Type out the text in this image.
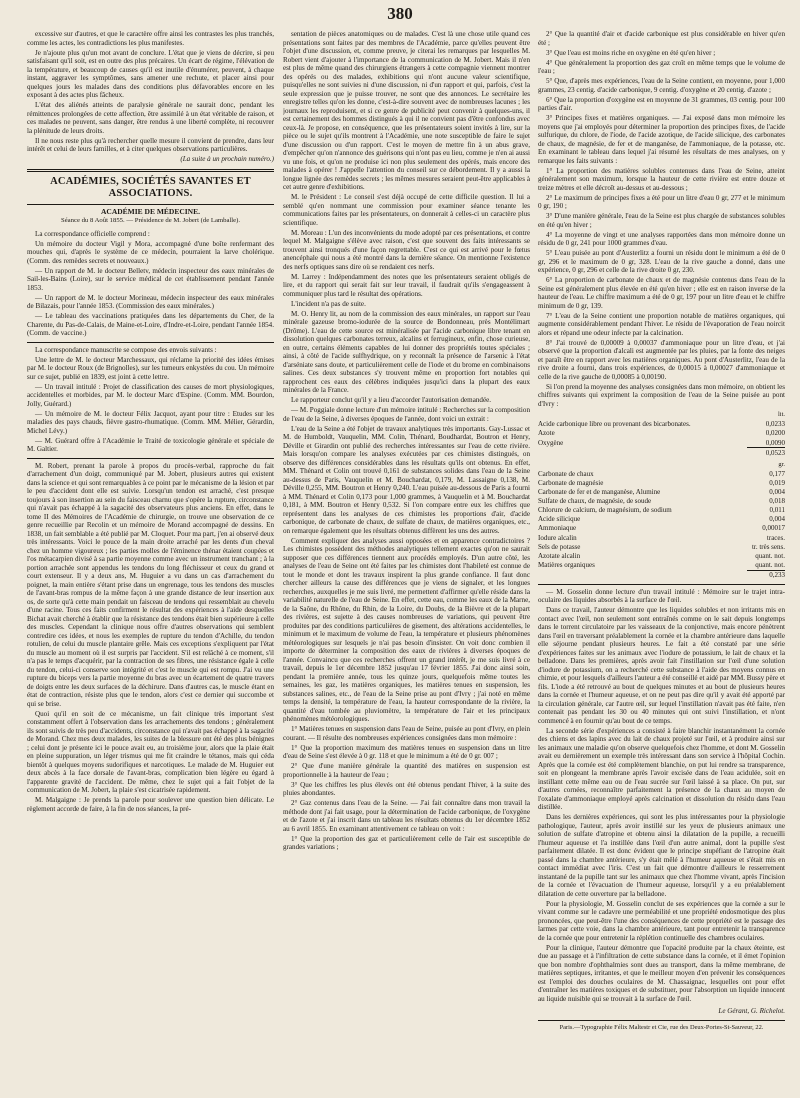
380

excessive sur d'autres, et que le caractère offre ainsi les contrastes les plus tranchés, comme les actes, les contradictions les plus manifestes.

Je n'ajoute plus qu'un mot avant de conclure. L'état que je viens de décrire, si peu satisfaisant qu'il soit, est en outre des plus précaires. Un écart de régime, l'élévation de la température, et beaucoup de causes qu'il est inutile d'énumérer, peuvent, à chaque instant, aggraver les symptômes, sans amener une rechute, et placer ainsi pour quelques jours les malades dans des conditions plus défavorables encore en les exposant à des actes plus fâcheux.

L'état des aliénés atteints de paralysie générale ne saurait donc, pendant les rémittences prolongées de cette affection, être assimilé à un état véritable de raison, et ces malades ne peuvent, sans danger, être rendus à une liberté complète, ni recouvrer la plénitude de leurs droits.

Il ne nous reste plus qu'à rechercher quelle mesure il convient de prendre, dans leur intérêt et celui de leurs familles, et à citer quelques observations particulières.

(La suite à un prochain numéro.)
ACADÉMIES, SOCIÉTÉS SAVANTES ET ASSOCIATIONS.
ACADÉMIE DE MÉDECINE.
Séance du 8 Août 1855. — Présidence de M. Jobert (de Lamballe).

La correspondance officielle comprend :

Un mémoire du docteur Vigil y Mora, accompagné d'une boîte renfermant des mouches qui, d'après le système de ce médecin, pourraient la larve cholérique. (Comm. des remèdes secrets et nouveaux.)

— Un rapport de M. le docteur Belletv, médecin inspecteur des eaux minérales de Sail-les-Bains (Loire), sur le service médical de cet établissement pendant l'année 1853.

— Un rapport de M. le docteur Morineau, médecin inspecteur des eaux minérales de Bilazais, pour l'année 1853. (Commission des eaux minérales.)

— Le tableau des vaccinations pratiquées dans les départements du Cher, de la Charente, du Pas-de-Calais, de Maine-et-Loire, d'Indre-et-Loire, pendant l'année 1854. (Comm. de vaccine.)

La correspondance manuscrite se compose des envois suivants :

Une lettre de M. le docteur Marchessaux, qui réclame la priorité des idées émises par M. le docteur Roux (de Brignolles), sur les tumeurs enkystées du cou. Un mémoire sur ce sujet, publié en 1839, est joint à cette lettre.

— Un travail intitulé : Projet de classification des causes de mort physiologiques, accidentelles et morbides, par M. le docteur Marc d'Espine. (Comm. MM. Bourdon, Jolly, Guérard.)

— Un mémoire de M. le docteur Félix Jacquot, ayant pour titre : Etudes sur les maladies des pays chauds, fièvre gastro-rhumatique. (Comm. MM. Mélier, Gérardin, Michel Lévy.)

— M. Guérard offre à l'Académie le Traité de toxicologie générale et spéciale de M. Galtier.

M. Robert, prenant la parole à propos du procès-verbal, rapproche du fait d'arrachement d'un doigt, communiqué par M. Jobert, plusieurs autres qui existent dans la science et qui sont remarquables à ce point par le mécanisme de la lésion et par le peu d'accident dont elle est suivie. Lorsqu'un tendon est arraché, c'est presque toujours à son insertion au sein du faisceau charnu que s'opère la rupture, circonstance qui n'avait pas échappé à la sagacité des observateurs plus anciens. En effet, dans le tome II des Mémoires de l'Académie de chirurgie, on trouve une observation de ce genre recueillie par Recolin et un mémoire de Morand accompagné de dessins. En 1838, un fait semblable a été publié par M. Cloquet. Pour ma part, j'en ai observé deux très intéressants. Voici le pouce de la main droite arraché par les dents d'un cheval chez un homme vigoureux ; les parties molles de l'éminence thénar étaient coupées et l'os métacarpien divisé à sa partie moyenne comme avec un instrument tranchant ; à la portion arrachée sont appendus les tendons du long fléchisseur et ceux du grand et court extenseur. Il y a deux ans, M. Huguier a vu dans un cas d'arrachement du poignet, la main entière s'étant prise dans un engrenage, tous les tendons des muscles de l'avant-bras rompus de la même façon à une grande distance de leur insertion aux os, de sorte qu'à cette main pendait un faisceau de tendons qui ressemblait au chevelu d'une racine. Tous ces faits confirment le résultat des expériences à l'aide desquelles Bichat avait cherché à établir que la résistance des tendons était bien supérieure à celle des muscles. Cependant la clinique nous offre d'autres observations qui semblent contredire ces idées, et nous les exemples de rupture du tendon d'Achille, du tendon rotulien, de celui du muscle plantaire grêle. Mais ces exceptions s'expliquent par l'état du muscle au moment où il est surpris par l'accident. S'il est relâché à ce moment, s'il n'a pas le temps d'acquérir, par la contraction de ses fibres, une résistance égale à celle du tendon, celui-ci conserve son intégrité et c'est le muscle qui est rompu. J'ai vu une rupture du biceps vers la partie moyenne du bras avec un écartement de quatre travers de doigts entre les deux surfaces de la déchirure. Dans d'autres cas, le muscle étant en état de contraction, résiste plus que le tendon, alors c'est ce dernier qui succombe et qui se brise.

Quoi qu'il en soit de ce mécanisme, un fait clinique très important s'est constamment offert à l'observation dans les arrachements des tendons ; généralement ils sont suivis de très peu d'accidents, circonstance qui n'avait pas échappé à la sagacité de Morand. Chez mes deux malades, les suites de la blessure ont été des plus bénignes ; celui dont je présente ici le pouce avait eu, au troisième jour, alors que la plaie était en pleine suppuration, un léger trismus qui me fit craindre le tétanos, mais qui céda bientôt à quelques moyens sudorifiques et narcotiques. Le malade de M. Huguier eut deux abcès à la face dorsale de l'avant-bras, complication bien légère eu égard à l'apparente gravité de l'accident. De même, chez le sujet qui a fait l'objet de la communication de M. Jobert, la plaie s'est cicatrisée rapidement.

M. Malgaigne : Je prends la parole pour soulever une question bien délicate. Le règlement accorde de faire, à la fin de nos séances, la pré-

sentation de pièces anatomiques ou de malades. C'est là une chose utile quand ces présentations sont faites par des membres de l'Académie, parce qu'elles peuvent être l'objet d'une discussion, et, comme preuve, je citerai les remarques par lesquelles M. Robert vient d'ajouter à l'importance de la communication de M. Jobert. Mais il n'en est plus de même quand des chirurgiens étrangers à cette compagnie viennent montrer des opérés ou des malades, exhibitions qui n'ont aucune valeur scientifique, puisqu'elles ne sont suivies ni d'une discussion, ni d'un rapport et qui, parfois, c'est la seule expression que je puisse trouver, ne sont que des annonces. Le secrétaire les enregistre telles qu'on les donne, c'est-à-dire souvent avec de nombreuses lacunes ; les journaux les reproduisent, et si ce genre de publicité peut convenir à quelques-uns, il est certainement des hommes distingués à qui il ne convient pas d'être confondus avec ceux-là. Je propose, en conséquence, que les présentateurs soient invités à lire, sur la pièce ou le sujet qu'ils montrent à l'Académie, une note susceptible de faire le sujet d'une discussion ou d'un rapport. C'est le moyen de mettre fin à un abus grave, d'empêcher qu'on n'annonce des guérisons qui n'ont pas eu lieu, comme je n'en ai aussi vu une fois, et qu'on ne produise ici non plus seulement des opérés, mais encore des malades à opérer ! J'appelle l'attention du conseil sur ce débordement. Il y a aussi la longue lignée des remèdes secrets ; les mêmes mesures seraient peut-être applicables à cet autre genre d'exhibitions.

M. le Président : Le conseil s'est déjà occupé de cette difficile question. Il lui a semblé qu'en nommant une commission pour examiner séance tenante les communications faites par les présentateurs, on donnerait à celles-ci un caractère plus scientifique.

M. Moreau : L'un des inconvénients du mode adopté par ces présentations, et contre lequel M. Malgaigne s'élève avec raison, c'est que souvent des faits intéressants se trouvent ainsi tronqués d'une façon regrettable. C'est ce qui est arrivé pour le fœtus anencéphale qui nous a été montré dans la dernière séance. On mentionne l'existence des nerfs optiques sans dire où se rendaient ces nerfs.

M. Larrey : Indépendamment des notes que les présentateurs seraient obligés de lire, et du rapport qui serait fait sur leur travail, il faudrait qu'ils s'engageassent à communiquer plus tard le résultat des opérations.

L'incident n'a pas de suite.

M. O. Henry lit, au nom de la commission des eaux minérales, un rapport sur l'eau minérale gazeuse bromo-iodurée de la source de Bondonneau, près Montélimart (Drôme). L'eau de cette source est minéralisée par l'acide carbonique libre tenant en dissolution quelques carbonates terreux, alcalins et ferrugineux, enfin, chose curieuse, en outre, certains éléments capables de lui donner des propriétés toutes spéciales ; ainsi, à côté de l'acide sulfhydrique, on y reconnaît la présence de l'arsenic à l'état d'arséniate sans doute, et particulièrement celle de l'iode et du brome en combinaisons salines. Ces deux substances s'y trouvent même en proportion fort notables qui rapprochent ces eaux des célèbres indiquées jusqu'ici dans la plupart des eaux minérales de la France.

Le rapporteur conclut qu'il y a lieu d'accorder l'autorisation demandée.

— M. Poggiale donne lecture d'un mémoire intitulé : Recherches sur la composition de l'eau de la Seine, à diverses époques de l'année, dont voici un extrait :

L'eau de la Seine a été l'objet de travaux analytiques très importants. Gay-Lussac et M. de Humboldt, Vauquelin, MM. Colin, Thénard, Boudhardat, Boutron et Henry, Déville et Girardin ont publié des recherches intéressantes sur l'eau de cette rivière. Mais lorsqu'on compare les analyses exécutées par ces chimistes distingués, on observe des différences considérables dans les résultats qu'ils ont obtenus. En effet, MM. Thénard et Colin ont trouvé 0,161 de substances solides dans l'eau de la Seine au-dessus de Paris, Vauquelin et M. Bouchardat, 0,179, M. Lassaigne 0,138, M. Déville 0,255, MM. Boutron et Henry 0,240. L'eau puisée au-dessous de Paris a fourni à MM. Thénard et Colin 0,173 pour 1,000 grammes, à Vauquelin et à M. Bouchardat 0,181, à MM. Boutron et Henry 0,532. Si l'on compare entre eux les chiffres que représentent dans les analyses de ces chimistes les proportions d'air, d'acide carbonique, de carbonate de chaux, de sulfate de chaux, de matières organiques, etc., on remarque également que les résultats obtenus diffèrent les uns des autres.

Comment expliquer des analyses aussi opposées et en apparence contradictoires ? Les chimistes possèdent des méthodes analytiques tellement exactes qu'on ne saurait supposer que ces différences tiennent aux procédés employés. D'un autre côté, les analyses de l'eau de Seine ont été faites par les chimistes dont l'habileté est connue de tout le monde et dont les travaux inspirent la plus grande confiance. Il faut donc chercher ailleurs la cause des différences que je viens de signaler, et les longues recherches, auxquelles je me suis livré, me permettent d'affirmer qu'elle réside dans la variabilité naturelle de l'eau de Seine. En effet, cette eau, comme les eaux de la Marne, de la Saône, du Rhône, du Rhin, de la Loire, du Doubs, de la Bièvre et de la plupart des rivières, est sujette à des causes nombreuses de variations, qui peuvent être produites par des conditions particulières de gisement, des altérations accidentelles, le minimum et le maximum de volume de l'eau, la température et plusieurs phénomènes météorologiques sur lesquels je n'ai pas besoin d'insister. On voit donc combien il importe de déterminer la composition des eaux de rivières à diverses époques de l'année. Convaincu que ces recherches offrent un grand intérêt, je me suis livré à ce travail, depuis le 1er décembre 1852 jusqu'au 17 février 1855. J'ai donc ainsi soin, pendant la première année, tous les quinze jours, quelquefois même toutes les semaines, les gaz, les matières organiques, les matières tenues en suspension, les substances salines, etc., de l'eau de la Seine prise au pont d'Ivry ; j'ai noté en même temps la densité, la température de l'eau, la hauteur correspondante de la rivière, la quantité d'eau tombée au pluviomètre, la température de l'air et les principaux phénomènes météorologiques.

1° Matières tenues en suspension dans l'eau de Seine, puisée au pont d'Ivry, en plein courant. — Il résulte des nombreuses expériences consignées dans mon mémoire :

1° Que la proportion maximum des matières tenues en suspension dans un litre d'eau de Seine s'est élevée à 0 gr. 118 et que le minimum a été de 0 gr. 007 ;

2° Que d'une manière générale la quantité des matières en suspension est proportionnelle à la hauteur de l'eau ;

3° Que les chiffres les plus élevés ont été obtenus pendant l'hiver, à la suite des pluies abondantes.

2° Gaz contenus dans l'eau de la Seine. — J'ai fait connaître dans mon travail la méthode dont j'ai fait usage, pour la détermination de l'acide carbonique, de l'oxygène et de l'azote et j'ai inscrit dans un tableau les résultats obtenus du 1er décembre 1852 au 6 avril 1855. En examinant attentivement ce tableau on voit :

1° Que la proportion des gaz et particulièrement celle de l'air est susceptible de grandes variations ;

2° Que la quantité d'air et d'acide carbonique est plus considérable en hiver qu'en été ;

3° Que l'eau est moins riche en oxygène en été qu'en hiver ;

4° Que généralement la proportion des gaz croît en même temps que le volume de l'eau ;

5° Que, d'après mes expériences, l'eau de la Seine contient, en moyenne, pour 1,000 grammes, 23 centig. d'acide carbonique, 9 centig. d'oxygène et 20 centig. d'azote ;

6° Que la proportion d'oxygène est en moyenne de 31 grammes, 03 centig. pour 100 parties d'air.

3° Principes fixes et matières organiques. — J'ai exposé dans mon mémoire les moyens que j'ai employés pour déterminer la proportion des principes fixes, de l'acide sulfurique, du chlore, de l'iode, de l'acide azotique, de l'acide silicique, des carbonates de chaux, de magnésie, de fer et de manganèse, de l'ammoniaque, de la potasse, etc. En examinant le tableau dans lequel j'ai résumé les résultats de mes analyses, on y remarque les faits suivants :

1° La proportion des matières solubles contenues dans l'eau de Seine, atteint généralement son maximum, lorsque la hauteur de cette rivière est entre douze et treize mètres et elle décroît au-dessus et au-dessous ;

2° Le maximum de principes fixes a été pour un litre d'eau 0 gr, 277 et le minimum 0 gr, 190 ;

3° D'une manière générale, l'eau de la Seine est plus chargée de substances solubles en été qu'en hiver ;

4° La moyenne de vingt et une analyses rapportées dans mon mémoire donne un résidu de 0 gr, 241 pour 1000 grammes d'eau.

5° L'eau puisée au pont d'Austerlitz a fourni un résidu dont le minimum a été de 0 gr, 296 et le maximum de 0 gr, 328. L'eau de la rive gauche a donné, dans une expérience, 0 gr, 296 et celle de la rive droite 0 gr, 230.

6° La proportion de carbonate de chaux et de magnésie contenus dans l'eau de la Seine est généralement plus élevée en été qu'en hiver ; elle est en raison inverse de la hauteur de l'eau. Le chiffre maximum a été de 0 gr, 197 pour un litre d'eau et le chiffre minimum de 0 gr, 139.

7° L'eau de la Seine contient une proportion notable de matières organiques, qui augmente considérablement pendant l'hiver. Le résidu de l'évaporation de l'eau noircit alors et répand une odeur infecte par la calcination.

8° J'ai trouvé de 0,00009 à 0,00037 d'ammoniaque pour un litre d'eau, et j'ai observé que la proportion d'alcali est augmentée par les pluies, par la fonte des neiges et paraît être en rapport avec les matières organiques. Au pont d'Austerlitz, l'eau de la rive droite a fourni, dans trois expériences, de 0,00015 à 0,00027 d'ammoniaque et celle de la rive gauche de 0,00085 à 0,00190.

Si l'on prend la moyenne des analyses consignées dans mon mémoire, on obtient les chiffres suivants qui expriment la composition de l'eau de la Seine puisée au pont d'Ivry :

	lit.
Acide carbonique libre ou provenant des bicarbonates.	0,0233
Azote	0,0200
Oxygène	0,0090
	0,0523
	gr.
Carbonate de chaux	0,177
Carbonate de magnésie	0,019
Carbonate de fer et de manganèse, Alumine	0,004
Sulfate de chaux, de magnésie, de soude	0,018
Chlorure de calcium, de magnésium, de sodium	0,011
Acide silicique	0,004
Ammoniaque	0,00017
Iodure alcalin	traces.
Sels de potasse	tr. très sens.
Azotate alcalin	quant. not.
Matières organiques	quant. not.
	0,233

— M. Gosselin donne lecture d'un travail intitulé : Mémoire sur le trajet intra-oculaire des liquides absorbés à la surface de l'œil.

Dans ce travail, l'auteur démontre que les liquides solubles et non irritants mis en contact avec l'œil, non seulement sont entraînés comme on le sait depuis longtemps dans le torrent circulatoire par les vaisseaux de la conjonctive, mais encore pénètrent dans l'œil en traversant préalablement la cornée et la chambre antérieure dans laquelle elle séjourne pendant plusieurs heures. Le fait a été constaté par une série d'expériences faites sur les animaux avec l'iodure de potassium, le lait de chaux et la belladone. Dans les premières, après avoir fait l'instillation sur l'œil d'une solution d'iodure de potassium, on a recherché cette substance à l'aide des moyens connus en chimie, et pour lesquels d'ailleurs l'auteur a été conseillé et aidé par MM. Bussy père et fils. L'iode a été retrouvé au bout de quelques minutes et au bout de plusieurs heures dans la cornée et l'humeur aqueuse, et on ne peut pas dire qu'il y avait été apporté par la circulation générale, car l'autre œil, sur lequel l'instillation n'avait pas été faite, n'en contenait pas pendant les 30 ou 40 minutes qui ont suivi l'instillation, et n'ont commencé à en fournir qu'au bout de ce temps.

La seconde série d'expériences a consisté à faire blanchir instantanément la cornée des chiens et des lapins avec du lait de chaux projeté sur l'œil, et à produire ainsi sur les animaux une maladie qu'on observe quelquefois chez l'homme, et dont M. Gosselin avait eu dernièrement un exemple très intéressant dans son service à l'hôpital Cochin. Après que la cornée est été complètement blanchie, on put lui rendre sa transparence, soit en plongeant la membrane après l'avoir excisée dans de l'eau acidulée, soit en instillant cette même eau ou de l'eau sucrée sur l'œil laissé à sa place. On put, sur d'autres cornées, reconnaître parfaitement la présence de la chaux au moyen de l'oxalate d'ammoniaque employé après calcination et dissolution du résidu dans l'eau distillée.

Dans les dernières expériences, qui sont les plus intéressantes pour la physiologie pathologique, l'auteur, après avoir instillé sur les yeux de plusieurs animaux une solution de sulfate d'atropine et obtenu ainsi la dilatation de la pupille, a recueilli l'humeur aqueuse et l'a instillée dans l'œil d'un autre animal, dont la pupille s'est parfaitement dilatée. Il est donc évident que le principe stupéfiant de l'atropine était passé dans la chambre antérieure, s'y était mêlé à l'humeur aqueuse et s'était mis en contact immédiat avec l'iris. C'est un fait que démontre d'ailleurs le resserrement instantané de la pupille tant sur les animaux que chez l'homme vivant, après l'incision de la cornée et l'évacuation de l'humeur aqueuse, lorsqu'il y a eu préalablement dilatation de cette ouverture par la belladone.

Pour la physiologie, M. Gosselin conclut de ses expériences que la cornée a sur le vivant comme sur le cadavre une perméabilité et une propriété endosmotique des plus prononcées, que peut-être l'une des conséquences de cette propriété est le passage des larmes par cette voie, dans la chambre antérieure, tant pour entretenir la transparence de la cornée que pour entretenir la réplétion continuelle des chambres oculaires.

Pour la clinique, l'auteur démontre que l'opacité produite par la chaux éteinte, est due au passage et à l'infiltration de cette substance dans la cornée, et il émet l'opinion que bon nombre d'ophthalmies sont dues au transport, dans la même membrane, de matières septiques, irritantes, et que le meilleur moyen d'en prévenir les conséquences est l'emploi des douches oculaires de M. Chassaignac, lesquelles ont pour effet d'entraîner les matières toxiques et de substituer, pour l'absorption un liquide innocent au liquide nuisible qui se trouvait à la surface de l'œil.

Le Gérant, G. Richelot.
Paris.—Typographie Félix Maltestr et Cie, rue des Deux-Portes-St-Sauveur, 22.
